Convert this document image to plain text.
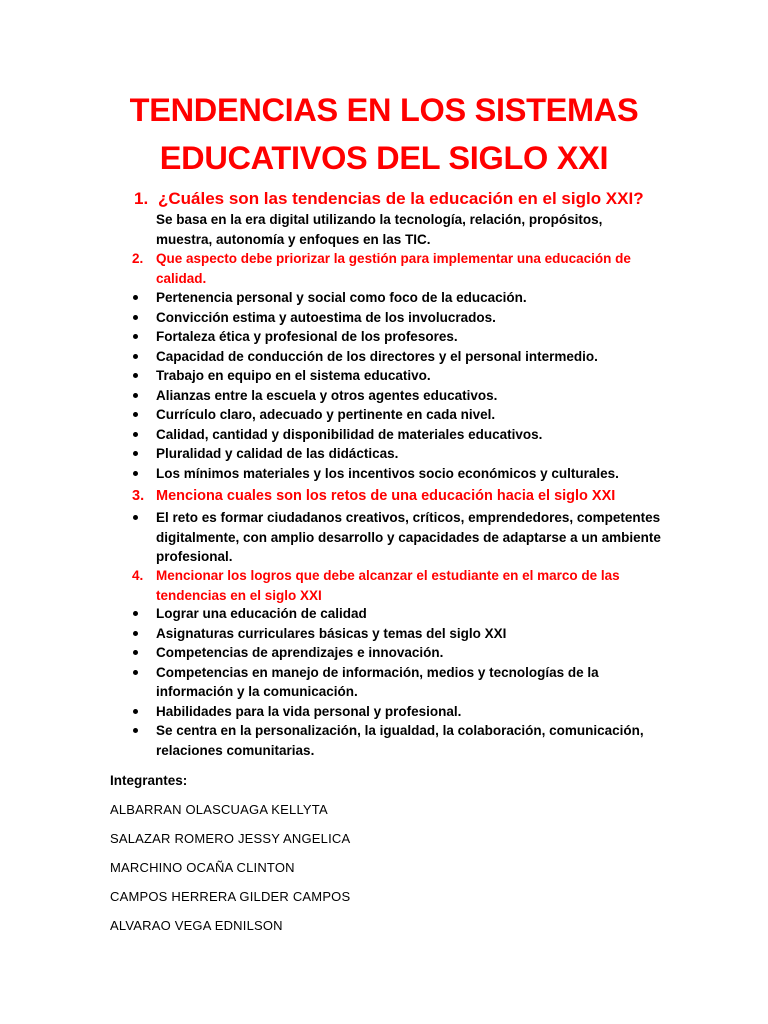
TENDENCIAS EN LOS SISTEMAS
EDUCATIVOS DEL SIGLO XXI
1. ¿Cuáles son las tendencias de la educación en el siglo XXI?
Se basa en la era digital utilizando la tecnología, relación, propósitos,
muestra, autonomía y enfoques en las TIC.
2. Que aspecto debe priorizar la gestión para implementar una educación de
calidad.
Pertenencia personal y social como foco de la educación.
Convicción estima y autoestima de los involucrados.
Fortaleza ética y profesional de los profesores.
Capacidad de conducción de los directores y el personal intermedio.
Trabajo en equipo en el sistema educativo.
Alianzas entre la escuela y otros agentes educativos.
Currículo claro, adecuado y pertinente en cada nivel.
Calidad, cantidad y disponibilidad de materiales educativos.
Pluralidad y calidad de las didácticas.
Los mínimos materiales y los incentivos socio económicos y culturales.
3. Menciona cuales son los retos de una educación hacia el siglo XXI
El reto es formar ciudadanos creativos, críticos, emprendedores, competentes digitalmente, con amplio desarrollo y capacidades de adaptarse a un ambiente profesional.
4. Mencionar los logros que debe alcanzar el estudiante en el marco de las
tendencias en el siglo XXI
Lograr una educación de calidad
Asignaturas curriculares básicas y temas del siglo XXI
Competencias de aprendizajes e innovación.
Competencias en manejo de información, medios y tecnologías de la información y la comunicación.
Habilidades para la vida personal y profesional.
Se centra en la personalización, la igualdad, la colaboración, comunicación, relaciones comunitarias.
Integrantes:
ALBARRAN OLASCUAGA KELLYTA
SALAZAR ROMERO JESSY ANGELICA
MARCHINO OCAÑA CLINTON
CAMPOS HERRERA GILDER CAMPOS
ALVARAO VEGA EDNILSON
